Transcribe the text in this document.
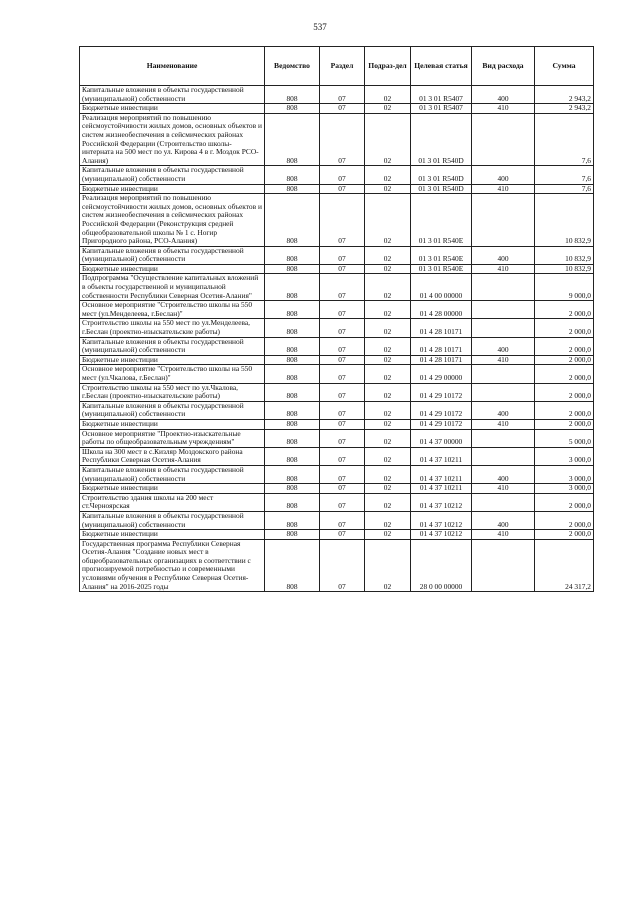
537
Наименование	Ведомство	Раздел	Подраз-дел	Целевая статья	Вид расхода	Сумма
Капитальные вложения в объекты государственной (муниципальной) собственности	808	07	02	01 3 01 R5407	400	2 943,2
Бюджетные инвестиции	808	07	02	01 3 01 R5407	410	2 943,2
Реализация мероприятий по повышению сейсмоустойчивости жилых домов, основных объектов и систем жизнеобеспечения в сейсмических районах Российской Федерации (Строительство школы-интерната на 500 мест по ул. Кирова 4 в г. Моздок РСО-Алания)	808	07	02	01 3 01 R540D		7,6
Капитальные вложения в объекты государственной (муниципальной) собственности	808	07	02	01 3 01 R540D	400	7,6
Бюджетные инвестиции	808	07	02	01 3 01 R540D	410	7,6
Реализация мероприятий по повышению сейсмоустойчивости жилых домов, основных объектов и систем жизнеобеспечения в сейсмических районах Российской Федерации (Реконструкция средней общеобразовательной школы № 1 с. Ногир Пригородного района, РСО-Алания)	808	07	02	01 3 01 R540E		10 832,9
Капитальные вложения в объекты государственной (муниципальной) собственности	808	07	02	01 3 01 R540E	400	10 832,9
Бюджетные инвестиции	808	07	02	01 3 01 R540E	410	10 832,9
Подпрограмма "Осуществление капитальных вложений в объекты государственной и муниципальной собственности Республики Северная Осетия-Алания"	808	07	02	01 4 00 00000		9 000,0
Основное мероприятие "Строительство школы на 550 мест (ул.Менделеева, г.Беслан)"	808	07	02	01 4 28 00000		2 000,0
Строительство школы на 550 мест по ул.Менделеева, г.Беслан (проектно-изыскательские работы)	808	07	02	01 4 28 10171		2 000,0
Капитальные вложения в объекты государственной (муниципальной) собственности	808	07	02	01 4 28 10171	400	2 000,0
Бюджетные инвестиции	808	07	02	01 4 28 10171	410	2 000,0
Основное мероприятие "Строительство школы на 550 мест (ул.Чкалова, г.Беслан)"	808	07	02	01 4 29 00000		2 000,0
Строительство школы на 550 мест по ул.Чкалова, г.Беслан (проектно-изыскательские работы)	808	07	02	01 4 29 10172		2 000,0
Капитальные вложения в объекты государственной (муниципальной) собственности	808	07	02	01 4 29 10172	400	2 000,0
Бюджетные инвестиции	808	07	02	01 4 29 10172	410	2 000,0
Основное мероприятие "Проектно-изыскательные работы по общеобразовательным учреждениям"	808	07	02	01 4 37 00000		5 000,0
Школа на 300 мест в с.Кизляр Моздокского района Республики Северная Осетия-Алания	808	07	02	01 4 37 10211		3 000,0
Капитальные вложения в объекты государственной (муниципальной) собственности	808	07	02	01 4 37 10211	400	3 000,0
Бюджетные инвестиции	808	07	02	01 4 37 10211	410	3 000,0
Строительство здания школы на 200 мест ст.Черноярская	808	07	02	01 4 37 10212		2 000,0
Капитальные вложения в объекты государственной (муниципальной) собственности	808	07	02	01 4 37 10212	400	2 000,0
Бюджетные инвестиции	808	07	02	01 4 37 10212	410	2 000,0
Государственная программа Республики Северная Осетия-Алания "Создание новых мест в общеобразовательных организациях в соответствии с прогнозируемой потребностью и современными условиями обучения в Республике Северная Осетия-Алания" на 2016-2025 годы	808	07	02	28 0 00 00000		24 317,2
